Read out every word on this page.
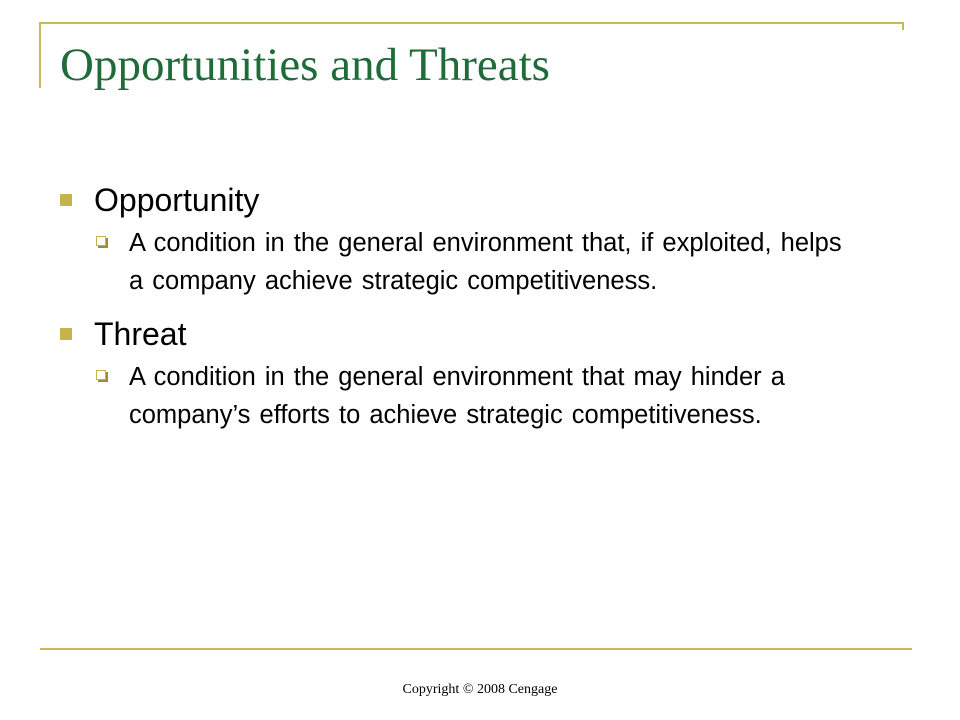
Opportunities and Threats
Opportunity
A condition in the general environment that, if exploited, helps a company achieve strategic competitiveness.
Threat
A condition in the general environment that may hinder a company’s efforts to achieve strategic competitiveness.
Copyright © 2008 Cengage
